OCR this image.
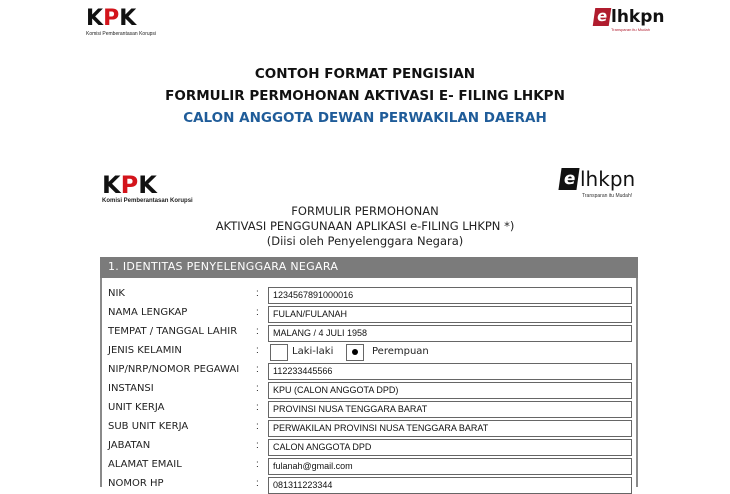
KPK
Komisi Pemberantasan Korupsi
e lhkpn
Transparan itu Mudah
CONTOH FORMAT PENGISIAN
FORMULIR PERMOHONAN AKTIVASI E- FILING LHKPN
CALON ANGGOTA DEWAN PERWAKILAN DAERAH
KPK
Komisi Pemberantasan Korupsi
e lhkpn
Transparan itu Mudah!
FORMULIR PERMOHONAN
AKTIVASI PENGGUNAAN APLIKASI e-FILING LHKPN *)
(Diisi oleh Penyelenggara Negara)
1. IDENTITAS PENYELENGGARA NEGARA
NIK	: 1234567891000016
NAMA LENGKAP	: FULAN/FULANAH
TEMPAT / TANGGAL LAHIR : MALANG / 4 JULI 1958
JENIS KELAMIN	:	Laki-laki	Perempuan
NIP/NRP/NOMOR PEGAWAI : 112233445566
INSTANSI	: KPU (CALON ANGGOTA DPD)
UNIT KERJA	: PROVINSI NUSA TENGGARA BARAT
SUB UNIT KERJA	: PERWAKILAN PROVINSI NUSA TENGGARA BARAT
JABATAN	: CALON ANGGOTA DPD
ALAMAT EMAIL	: fulanah@gmail.com
NOMOR HP	: 081311223344
